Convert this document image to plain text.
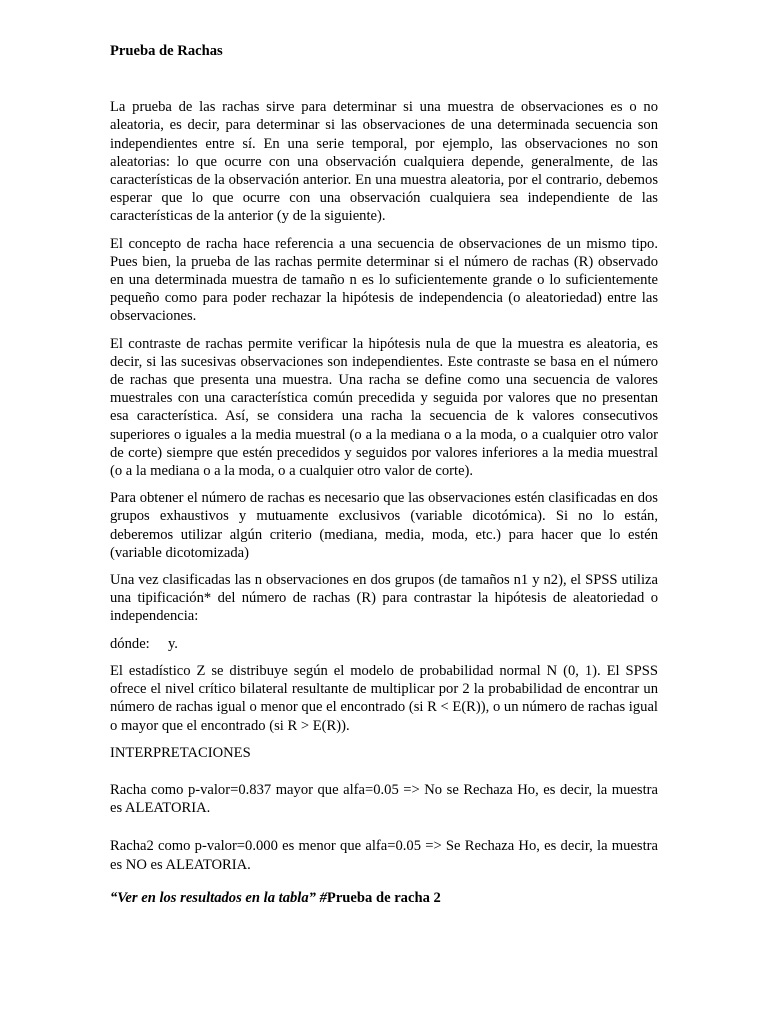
Prueba de Rachas

La prueba de las rachas sirve para determinar si una muestra de observaciones es o no aleatoria, es decir, para determinar si las observaciones de una determinada secuencia son independientes entre sí. En una serie temporal, por ejemplo, las observaciones no son aleatorias: lo que ocurre con una observación cualquiera depende, generalmente, de las características de la observación anterior. En una muestra aleatoria, por el contrario, debemos esperar que lo que ocurre con una observación cualquiera sea independiente de las características de la anterior (y de la siguiente).

El concepto de racha hace referencia a una secuencia de observaciones de un mismo tipo. Pues bien, la prueba de las rachas permite determinar si el número de rachas (R) observado en una determinada muestra de tamaño n es lo suficientemente grande o lo suficientemente pequeño como para poder rechazar la hipótesis de independencia (o aleatoriedad) entre las observaciones.

El contraste de rachas permite verificar la hipótesis nula de que la muestra es aleatoria, es decir, si las sucesivas observaciones son independientes. Este contraste se basa en el número de rachas que presenta una muestra. Una racha se define como una secuencia de valores muestrales con una característica común precedida y seguida por valores que no presentan esa característica. Así, se considera una racha la secuencia de k valores consecutivos superiores o iguales a la media muestral (o a la mediana o a la moda, o a cualquier otro valor de corte) siempre que estén precedidos y seguidos por valores inferiores a la media muestral (o a la mediana o a la moda, o a cualquier otro valor de corte).

Para obtener el número de rachas es necesario que las observaciones estén clasificadas en dos grupos exhaustivos y mutuamente exclusivos (variable dicotómica). Si no lo están, deberemos utilizar algún criterio (mediana, media, moda, etc.) para hacer que lo estén (variable dicotomizada)

Una vez clasificadas las n observaciones en dos grupos (de tamaños n1 y n2), el SPSS utiliza una tipificación* del número de rachas (R) para contrastar la hipótesis de aleatoriedad o independencia:

dónde:     y.

El estadístico Z se distribuye según el modelo de probabilidad normal N (0, 1). El SPSS ofrece el nivel crítico bilateral resultante de multiplicar por 2 la probabilidad de encontrar un número de rachas igual o menor que el encontrado (si R < E(R)), o un número de rachas igual o mayor que el encontrado (si R > E(R)).

INTERPRETACIONES

Racha como p-valor=0.837 mayor que alfa=0.05 => No se Rechaza Ho, es decir, la muestra es ALEATORIA.

Racha2 como p-valor=0.000 es menor que alfa=0.05 => Se Rechaza Ho, es decir, la muestra es NO es ALEATORIA.

“Ver en los resultados en la tabla” #Prueba de racha 2
